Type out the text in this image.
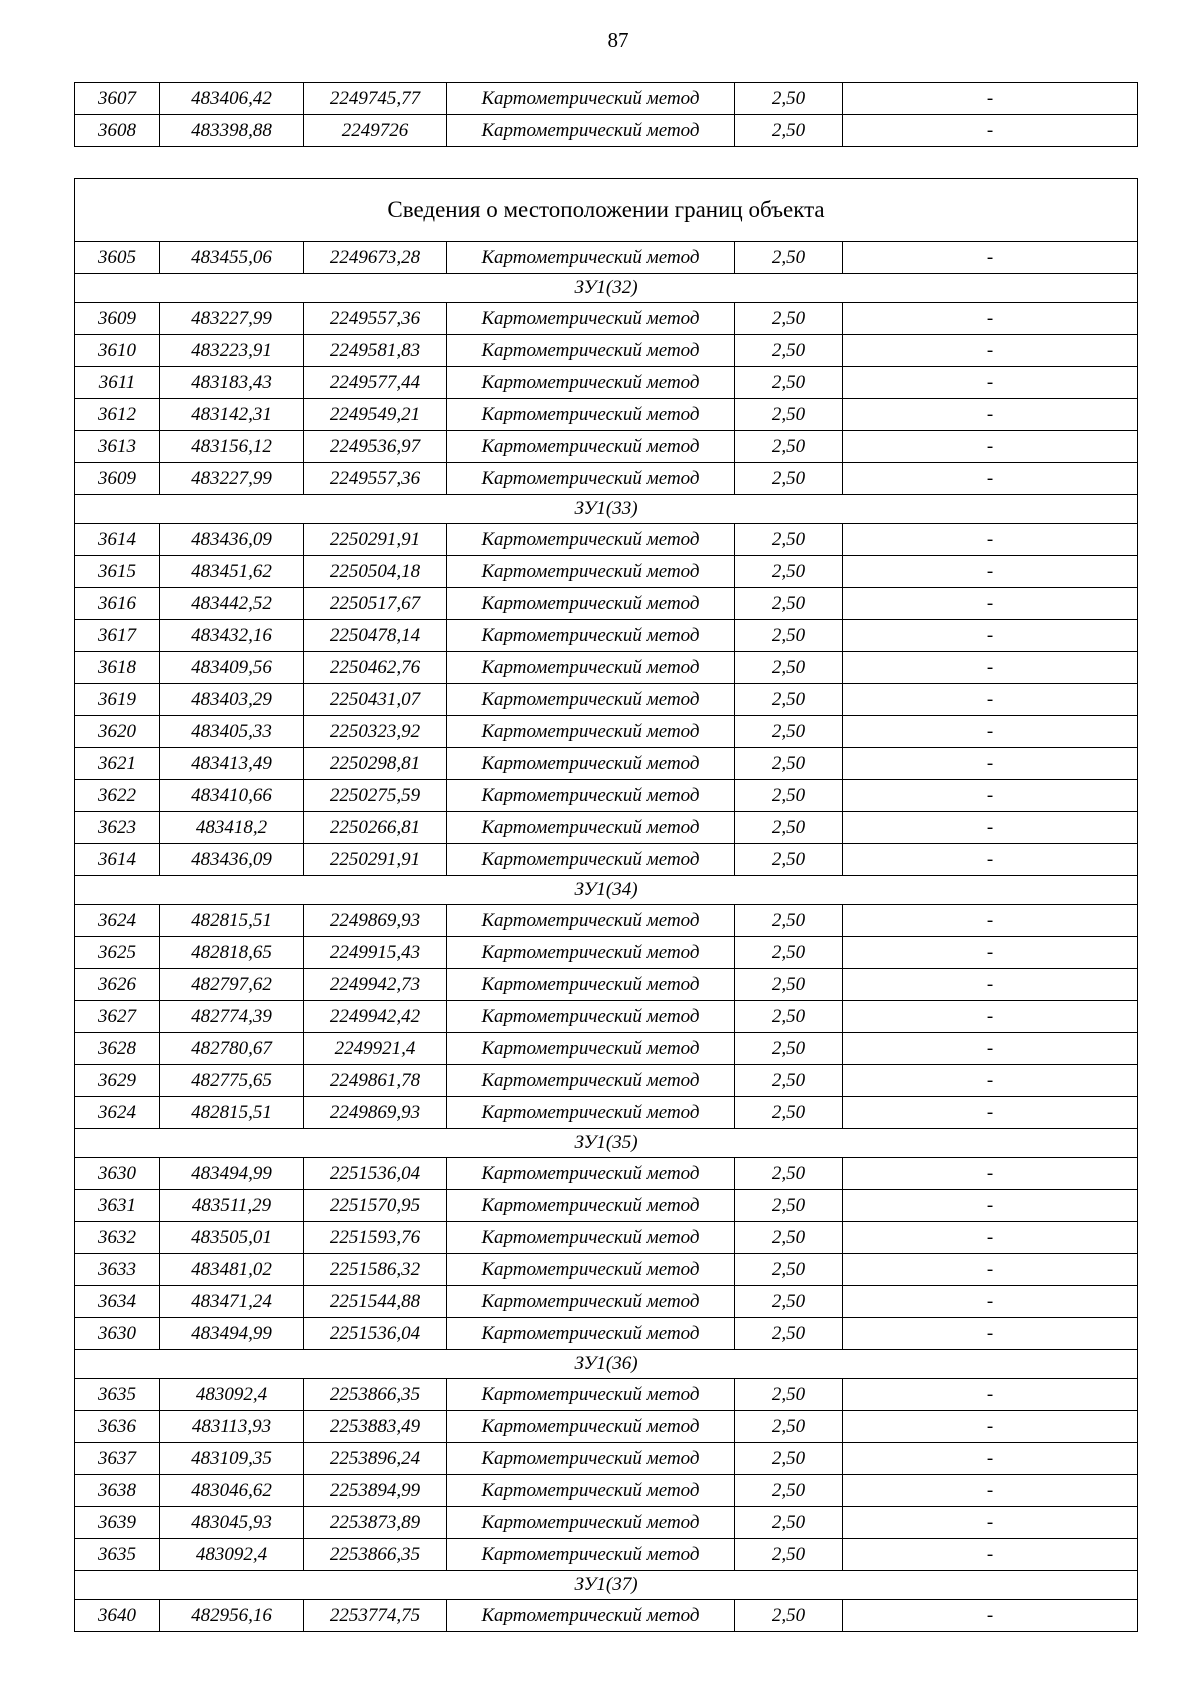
87
3607	483406,42	2249745,77	Картометрический метод	2,50	-
3608	483398,88	2249726	Картометрический метод	2,50	-
Сведения о местоположении границ объекта					
3605	483455,06	2249673,28	Картометрический метод	2,50	-
ЗУ1(32)					
3609	483227,99	2249557,36	Картометрический метод	2,50	-
3610	483223,91	2249581,83	Картометрический метод	2,50	-
3611	483183,43	2249577,44	Картометрический метод	2,50	-
3612	483142,31	2249549,21	Картометрический метод	2,50	-
3613	483156,12	2249536,97	Картометрический метод	2,50	-
3609	483227,99	2249557,36	Картометрический метод	2,50	-
ЗУ1(33)					
3614	483436,09	2250291,91	Картометрический метод	2,50	-
3615	483451,62	2250504,18	Картометрический метод	2,50	-
3616	483442,52	2250517,67	Картометрический метод	2,50	-
3617	483432,16	2250478,14	Картометрический метод	2,50	-
3618	483409,56	2250462,76	Картометрический метод	2,50	-
3619	483403,29	2250431,07	Картометрический метод	2,50	-
3620	483405,33	2250323,92	Картометрический метод	2,50	-
3621	483413,49	2250298,81	Картометрический метод	2,50	-
3622	483410,66	2250275,59	Картометрический метод	2,50	-
3623	483418,2	2250266,81	Картометрический метод	2,50	-
3614	483436,09	2250291,91	Картометрический метод	2,50	-
ЗУ1(34)					
3624	482815,51	2249869,93	Картометрический метод	2,50	-
3625	482818,65	2249915,43	Картометрический метод	2,50	-
3626	482797,62	2249942,73	Картометрический метод	2,50	-
3627	482774,39	2249942,42	Картометрический метод	2,50	-
3628	482780,67	2249921,4	Картометрический метод	2,50	-
3629	482775,65	2249861,78	Картометрический метод	2,50	-
3624	482815,51	2249869,93	Картометрический метод	2,50	-
ЗУ1(35)					
3630	483494,99	2251536,04	Картометрический метод	2,50	-
3631	483511,29	2251570,95	Картометрический метод	2,50	-
3632	483505,01	2251593,76	Картометрический метод	2,50	-
3633	483481,02	2251586,32	Картометрический метод	2,50	-
3634	483471,24	2251544,88	Картометрический метод	2,50	-
3630	483494,99	2251536,04	Картометрический метод	2,50	-
ЗУ1(36)					
3635	483092,4	2253866,35	Картометрический метод	2,50	-
3636	483113,93	2253883,49	Картометрический метод	2,50	-
3637	483109,35	2253896,24	Картометрический метод	2,50	-
3638	483046,62	2253894,99	Картометрический метод	2,50	-
3639	483045,93	2253873,89	Картометрический метод	2,50	-
3635	483092,4	2253866,35	Картометрический метод	2,50	-
ЗУ1(37)					
3640	482956,16	2253774,75	Картометрический метод	2,50	-
